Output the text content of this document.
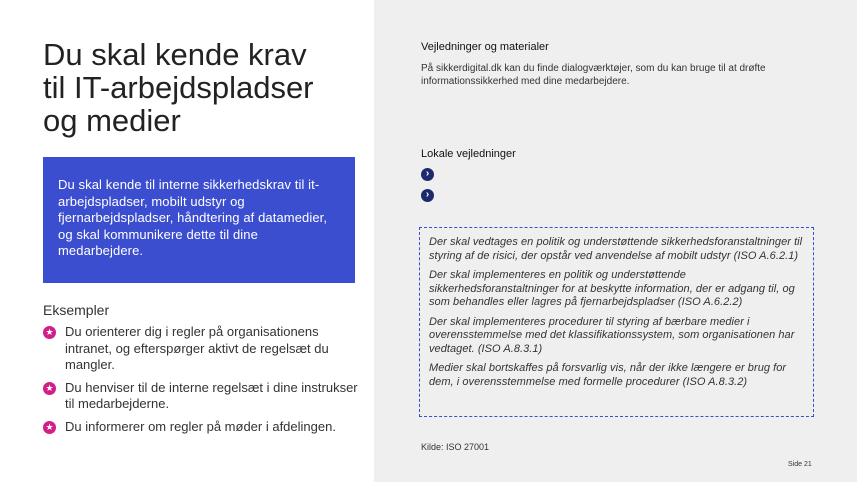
Du skal kende krav
til IT-arbejdspladser
og medier

Du skal kende til interne sikkerhedskrav til it-arbejdspladser, mobilt udstyr og fjernarbejdspladser, håndtering af datamedier, og skal kommunikere dette til dine medarbejdere.

Eksempler

★ Du orienterer dig i regler på organisationens intranet, og efterspørger aktivt de regelsæt du mangler.
★ Du henviser til de interne regelsæt i dine instrukser til medarbejderne.
★ Du informerer om regler på møder i afdelingen.

Vejledninger og materialer

På sikkerdigital.dk kan du finde dialogværktøjer, som du kan bruge til at drøfte informationssikkerhed med dine medarbejdere.

Lokale vejledninger

›
›

Der skal vedtages en politik og understøttende sikkerhedsforanstaltninger til styring af de risici, der opstår ved anvendelse af mobilt udstyr (ISO A.6.2.1)

Der skal implementeres en politik og understøttende sikkerhedsforanstaltninger for at beskytte information, der er adgang til, og som behandles eller lagres på fjernarbejdspladser (ISO A.6.2.2)

Der skal implementeres procedurer til styring af bærbare medier i overensstemmelse med det klassifikationssystem, som organisationen har vedtaget. (ISO A.8.3.1)

Medier skal bortskaffes på forsvarlig vis, når der ikke længere er brug for dem, i overensstemmelse med formelle procedurer (ISO A.8.3.2)

Kilde: ISO 27001

Side 21
